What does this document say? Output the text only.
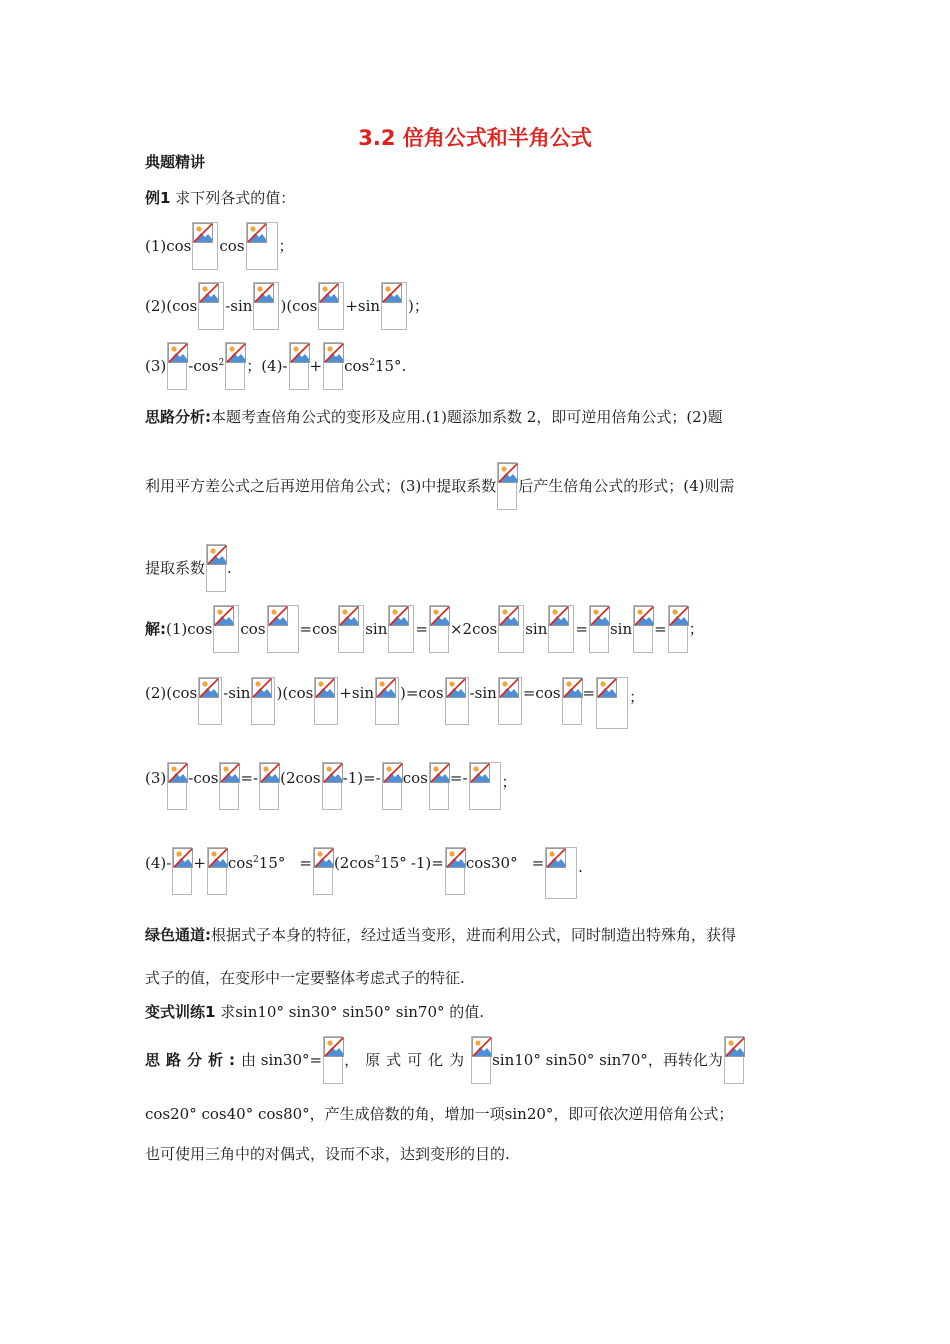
3.2 倍角公式和半角公式
典题精讲
例1 求下列各式的值：
(1)cos cos ；
(2)(cos -sin )(cos +sin )；
(3) $-\cos^2$ ；$(4)- + \cos^215^\circ$.
思路分析:本题考查倍角公式的变形及应用.(1)题添加系数 2，即可逆用倍角公式；(2)题
利用平方差公式之后再逆用倍角公式；(3)中提取系数 后产生倍角公式的形式；(4)则需
提取系数 .
解:(1)cos cos =cos sin = ×2cos sin = sin = ；
(2)(cos -sin )(cos +sin )=cos -sin =cos = ；
(3) -cos =- (2cos -1)=- cos =- ；
$(4)- + \cos^215^\circ = (2\cos^215^\circ$ -1)= cos30° = .
绿色通道:根据式子本身的特征，经过适当变形，进而利用公式，同时制造出特殊角，获得
式子的值，在变形中一定要整体考虑式子的特征.
变式训练1 求sin10° sin30° sin50° sin70° 的值.
思路分析:由 sin30°= ，原式可化为 sin10° sin50° sin70°，再转化为
cos20° cos40° cos80°，产生成倍数的角，增加一项sin20°，即可依次逆用倍角公式；
也可使用三角中的对偶式，设而不求，达到变形的目的.
